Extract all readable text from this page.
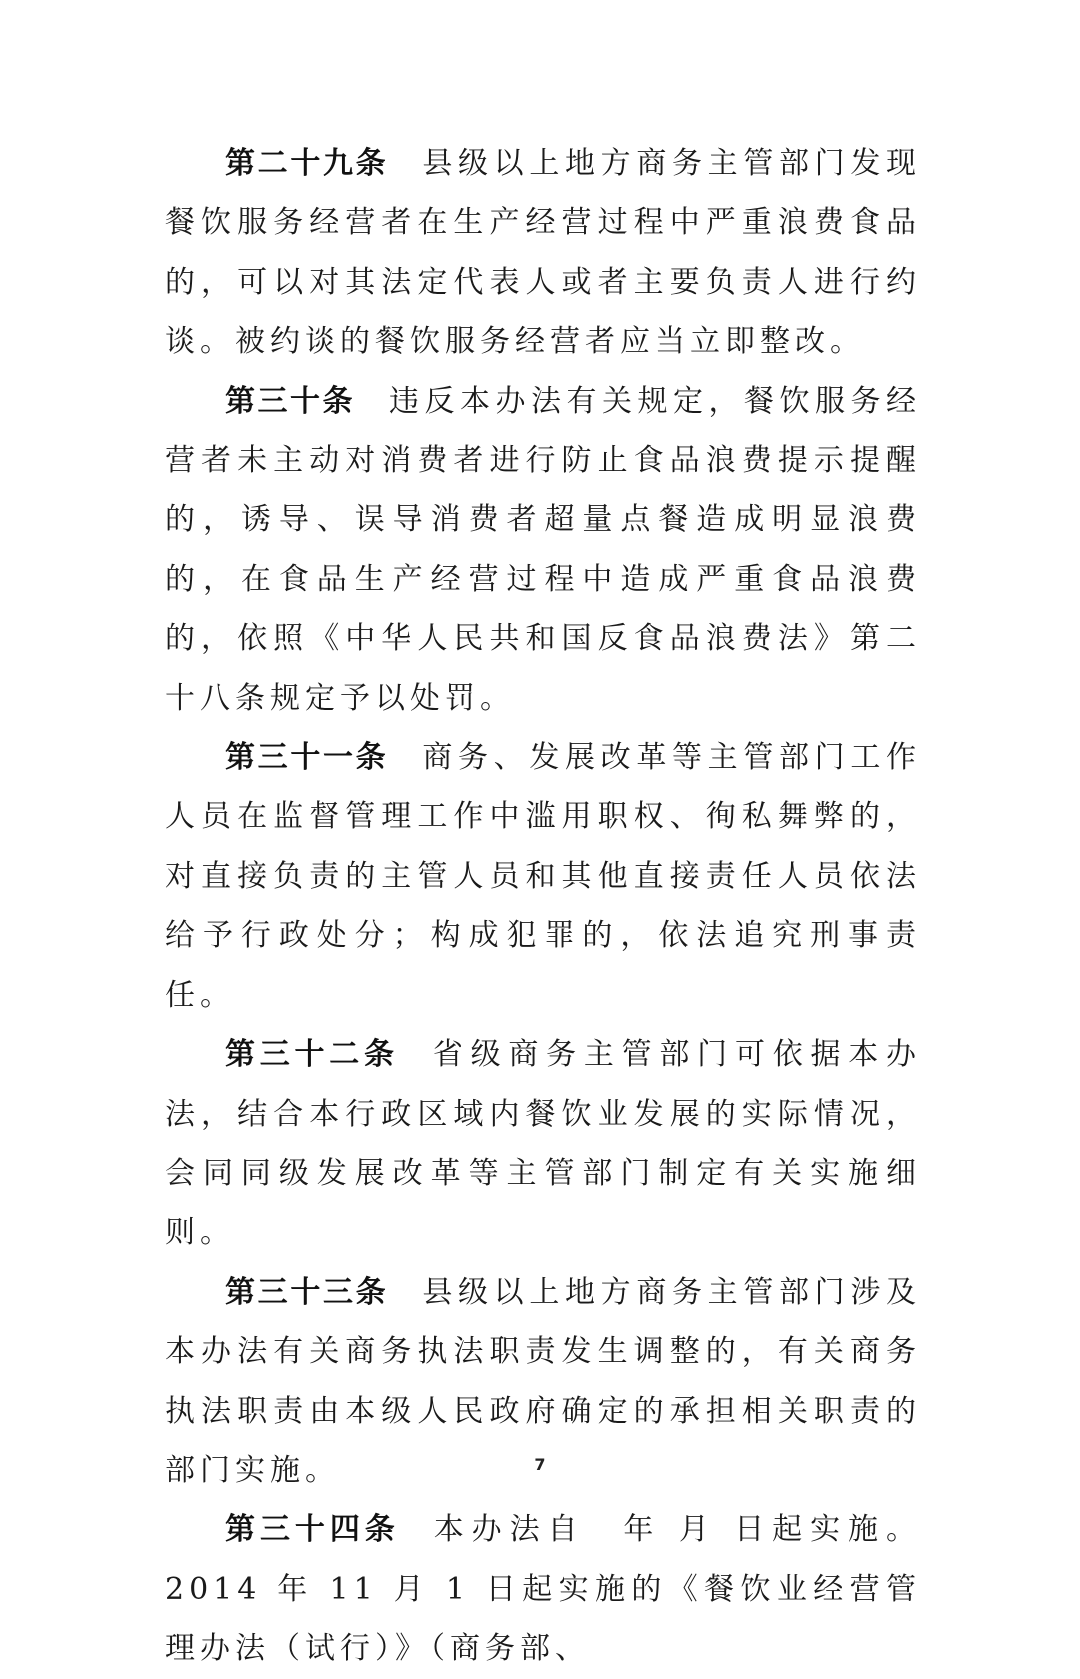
第二十九条 县级以上地方商务主管部门发现餐饮服务经营者在生产经营过程中严重浪费食品的，可以对其法定代表人或者主要负责人进行约谈。被约谈的餐饮服务经营者应当立即整改。

第三十条 违反本办法有关规定，餐饮服务经营者未主动对消费者进行防止食品浪费提示提醒的，诱导、误导消费者超量点餐造成明显浪费的，在食品生产经营过程中造成严重食品浪费的，依照《中华人民共和国反食品浪费法》第二十八条规定予以处罚。

第三十一条 商务、发展改革等主管部门工作人员在监督管理工作中滥用职权、徇私舞弊的，对直接负责的主管人员和其他直接责任人员依法给予行政处分；构成犯罪的，依法追究刑事责任。

第三十二条 省级商务主管部门可依据本办法，结合本行政区域内餐饮业发展的实际情况，会同同级发展改革等主管部门制定有关实施细则。

第三十三条 县级以上地方商务主管部门涉及本办法有关商务执法职责发生调整的，有关商务执法职责由本级人民政府确定的承担相关职责的部门实施。

第三十四条 本办法自　年 月 日起实施。2014 年 11 月 1 日起实施的《餐饮业经营管理办法（试行）》（商务部、

7
